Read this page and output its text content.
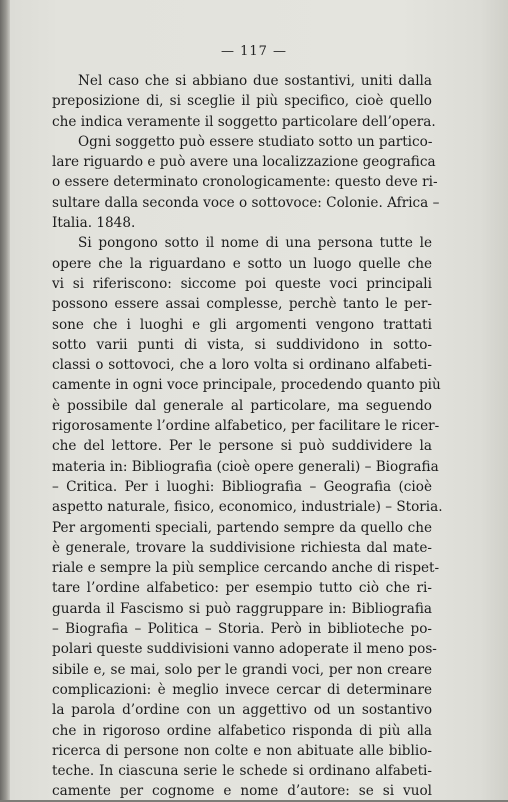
— 117 —
Nel caso che si abbiano due sostantivi, uniti dalla
preposizione di, si sceglie il più specifico, cioè quello
che indica veramente il soggetto particolare dell’opera.
Ogni soggetto può essere studiato sotto un partico-
lare riguardo e può avere una localizzazione geografica
o essere determinato cronologicamente: questo deve ri-
sultare dalla seconda voce o sottovoce: Colonie. Africa –
Italia. 1848.
Si pongono sotto il nome di una persona tutte le
opere che la riguardano e sotto un luogo quelle che
vi si riferiscono: siccome poi queste voci principali
possono essere assai complesse, perchè tanto le per-
sone che i luoghi e gli argomenti vengono trattati
sotto varii punti di vista, si suddividono in sotto-
classi o sottovoci, che a loro volta si ordinano alfabeti-
camente in ogni voce principale, procedendo quanto più
è possibile dal generale al particolare, ma seguendo
rigorosamente l’ordine alfabetico, per facilitare le ricer-
che del lettore. Per le persone si può suddividere la
materia in: Bibliografia (cioè opere generali) – Biografia
– Critica. Per i luoghi: Bibliografia – Geografia (cioè
aspetto naturale, fisico, economico, industriale) – Storia.
Per argomenti speciali, partendo sempre da quello che
è generale, trovare la suddivisione richiesta dal mate-
riale e sempre la più semplice cercando anche di rispet-
tare l’ordine alfabetico: per esempio tutto ciò che ri-
guarda il Fascismo si può raggruppare in: Bibliografia
– Biografia – Politica – Storia. Però in biblioteche po-
polari queste suddivisioni vanno adoperate il meno pos-
sibile e, se mai, solo per le grandi voci, per non creare
complicazioni: è meglio invece cercar di determinare
la parola d’ordine con un aggettivo od un sostantivo
che in rigoroso ordine alfabetico risponda di più alla
ricerca di persone non colte e non abituate alle biblio-
teche. In ciascuna serie le schede si ordinano alfabeti-
camente per cognome e nome d’autore: se si vuol
